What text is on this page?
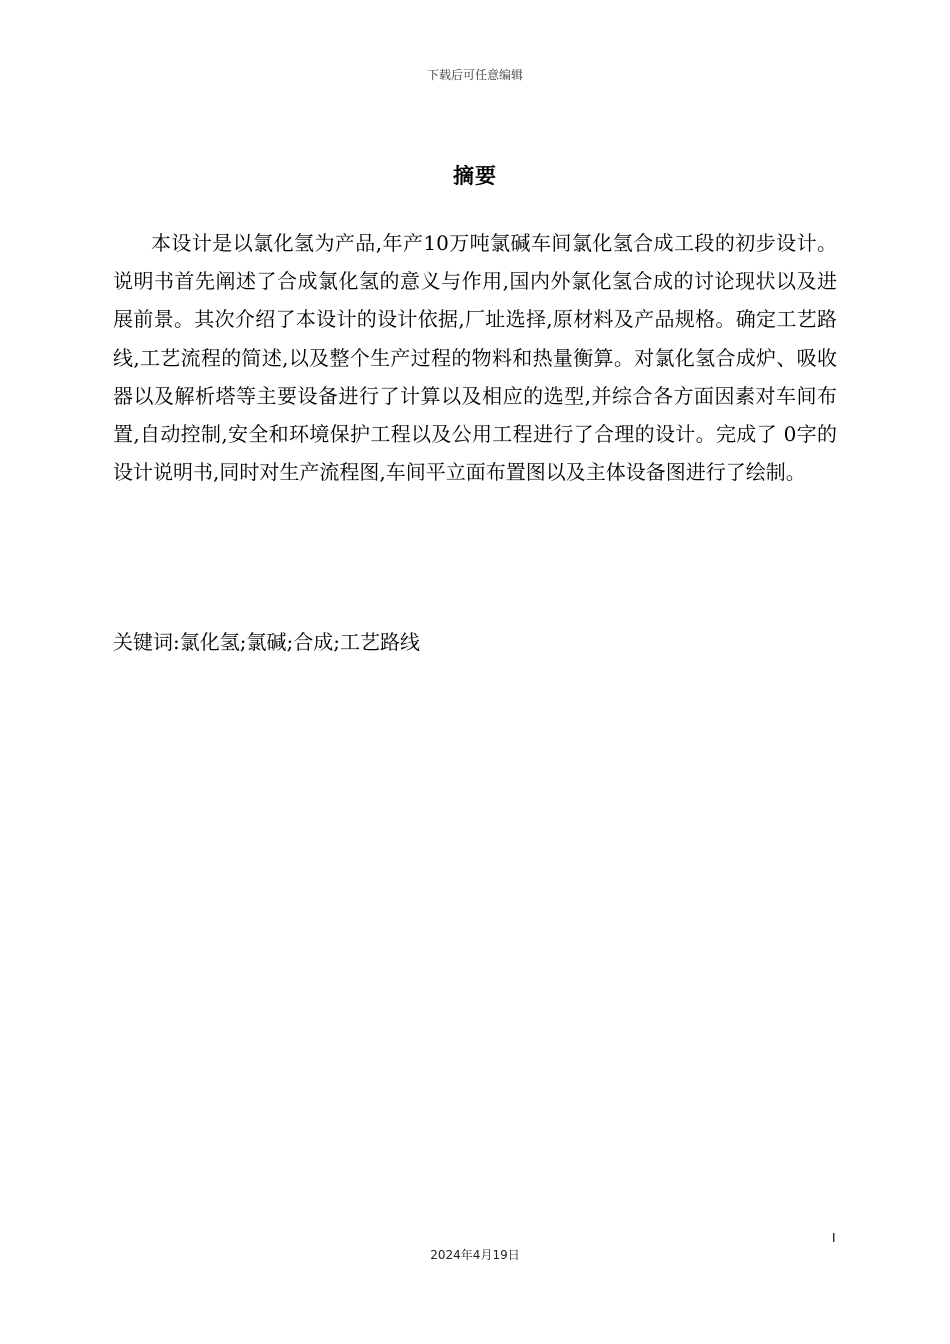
下载后可任意编辑
摘要

本设计是以氯化氢为产品,年产10万吨氯碱车间氯化氢合成工段的初步设计。说明书首先阐述了合成氯化氢的意义与作用,国内外氯化氢合成的讨论现状以及进展前景。其次介绍了本设计的设计依据,厂址选择,原材料及产品规格。确定工艺路线,工艺流程的简述,以及整个生产过程的物料和热量衡算。对氯化氢合成炉、吸收器以及解析塔等主要设备进行了计算以及相应的选型,并综合各方面因素对车间布置,自动控制,安全和环境保护工程以及公用工程进行了合理的设计。完成了 0字的设计说明书,同时对生产流程图,车间平立面布置图以及主体设备图进行了绘制。

关键词:氯化氢;氯碱;合成;工艺路线
I
2024年4月19日
